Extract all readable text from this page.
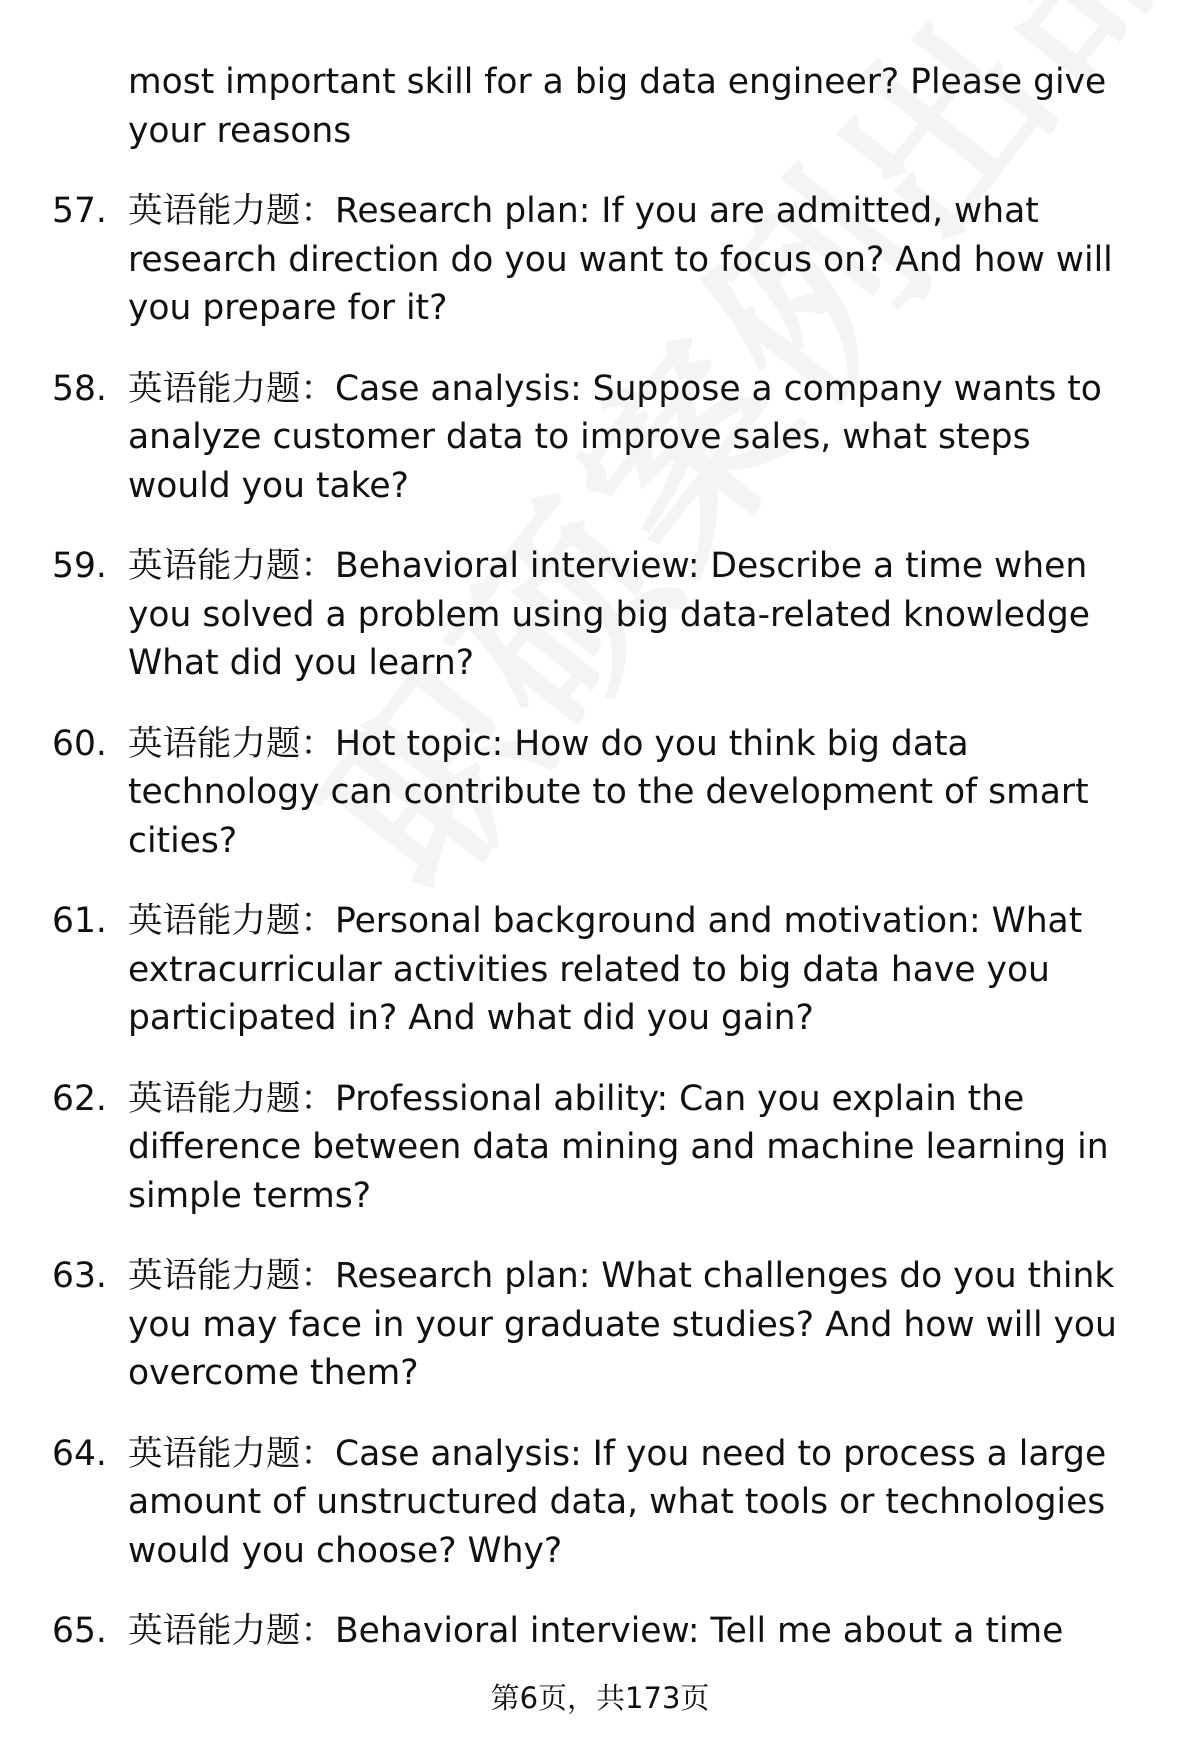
most important skill for a big data engineer? Please give your reasons
57. 英语能力题：Research plan: If you are admitted, what research direction do you want to focus on? And how will you prepare for it?
58. 英语能力题：Case analysis: Suppose a company wants to analyze customer data to improve sales, what steps would you take?
59. 英语能力题：Behavioral interview: Describe a time when you solved a problem using big data-related knowledge What did you learn?
60. 英语能力题：Hot topic: How do you think big data technology can contribute to the development of smart cities?
61. 英语能力题：Personal background and motivation: What extracurricular activities related to big data have you participated in? And what did you gain?
62. 英语能力题：Professional ability: Can you explain the difference between data mining and machine learning in simple terms?
63. 英语能力题：Research plan: What challenges do you think you may face in your graduate studies? And how will you overcome them?
64. 英语能力题：Case analysis: If you need to process a large amount of unstructured data, what tools or technologies would you choose? Why?
65. 英语能力题：Behavioral interview: Tell me about a time
第6页，共173页
